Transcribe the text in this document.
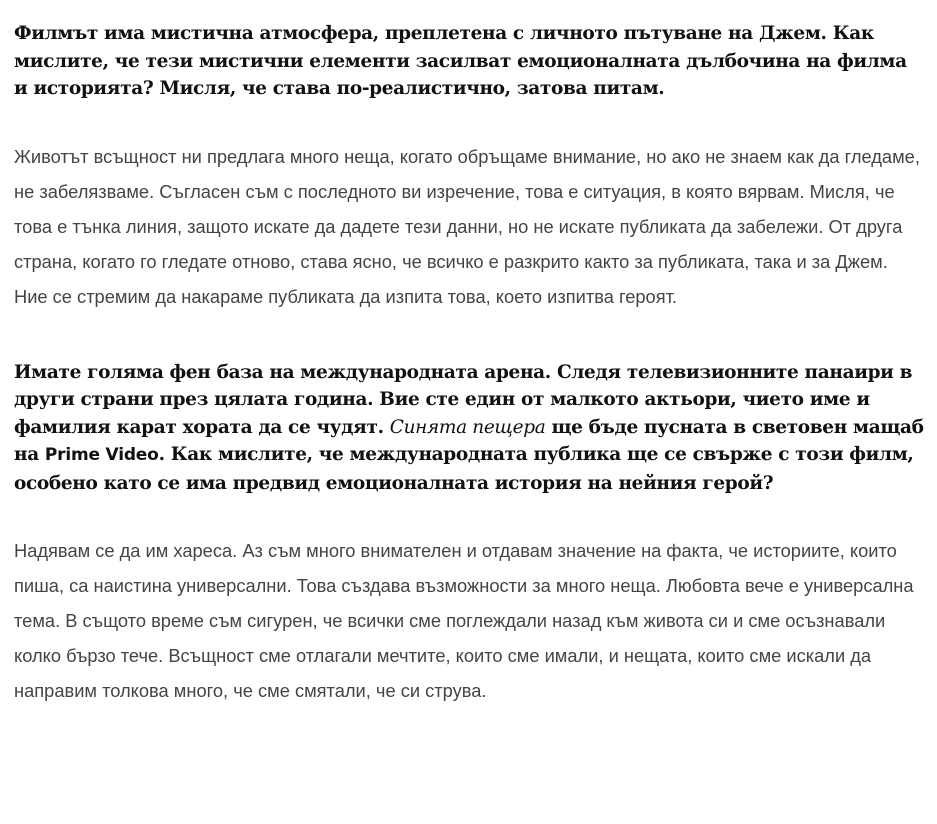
Филмът има мистична атмосфера, преплетена с личното пътуване на Джем. Как мислите, че тези мистични елементи засилват емоционалната дълбочина на филма и историята? Мисля, че става по-реалистично, затова питам.

Животът всъщност ни предлага много неща, когато обръщаме внимание, но ако не знаем как да гледаме, не забелязваме. Съгласен съм с последното ви изречение, това е ситуация, в която вярвам. Мисля, че това е тънка линия, защото искате да дадете тези данни, но не искате публиката да забележи. От друга страна, когато го гледате отново, става ясно, че всичко е разкрито както за публиката, така и за Джем. Ние се стремим да накараме публиката да изпита това, което изпитва героят.

Имате голяма фен база на международната арена. Следя телевизионните панаири в други страни през цялата година. Вие сте един от малкото актьори, чието име и фамилия карат хората да се чудят. Синята пещера ще бъде пусната в световен мащаб на Prime Video. Как мислите, че международната публика ще се свърже с този филм, особено като се има предвид емоционалната история на нейния герой?

Надявам се да им хареса. Аз съм много внимателен и отдавам значение на факта, че историите, които пиша, са наистина универсални. Това създава възможности за много неща. Любовта вече е универсална тема. В същото време съм сигурен, че всички сме поглеждали назад към живота си и сме осъзнавали колко бързо тече. Всъщност сме отлагали мечтите, които сме имали, и нещата, които сме искали да направим толкова много, че сме смятали, че си струва.
